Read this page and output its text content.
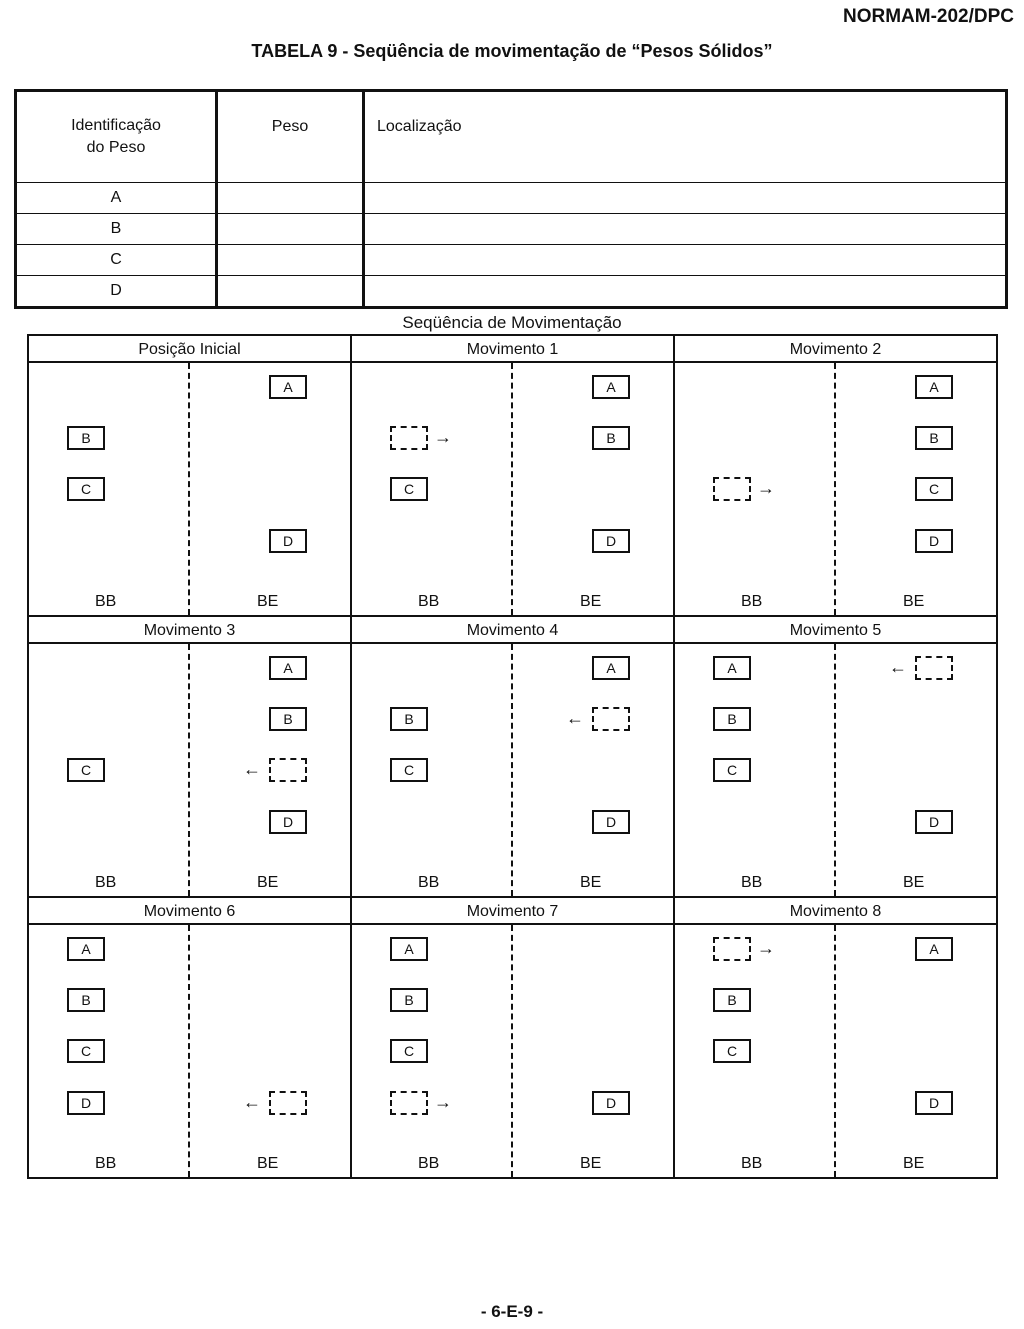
NORMAM-202/DPC
TABELA 9 - Seqüência de movimentação de “Pesos Sólidos”
Identificação
do Peso	Peso	Localização
A		
B		
C		
D		
Seqüência de Movimentação
Posição Inicial
BB	BE
A
B
C
D
Movimento 1
BB	BE
A
→	B
C
D
Movimento 2
BB	BE
A
B
→	C
D
Movimento 3
BB	BE
A
B
←
C
D
Movimento 4
BB	BE
A
←
B
C
D
Movimento 5
BB	BE
←
A
B
C
D
Movimento 6
BB	BE
A
B
C
←
D
Movimento 7
BB	BE
A
B
C
→	D
Movimento 8
BB	BE
→	A
B
C
D
- 6-E-9 -
